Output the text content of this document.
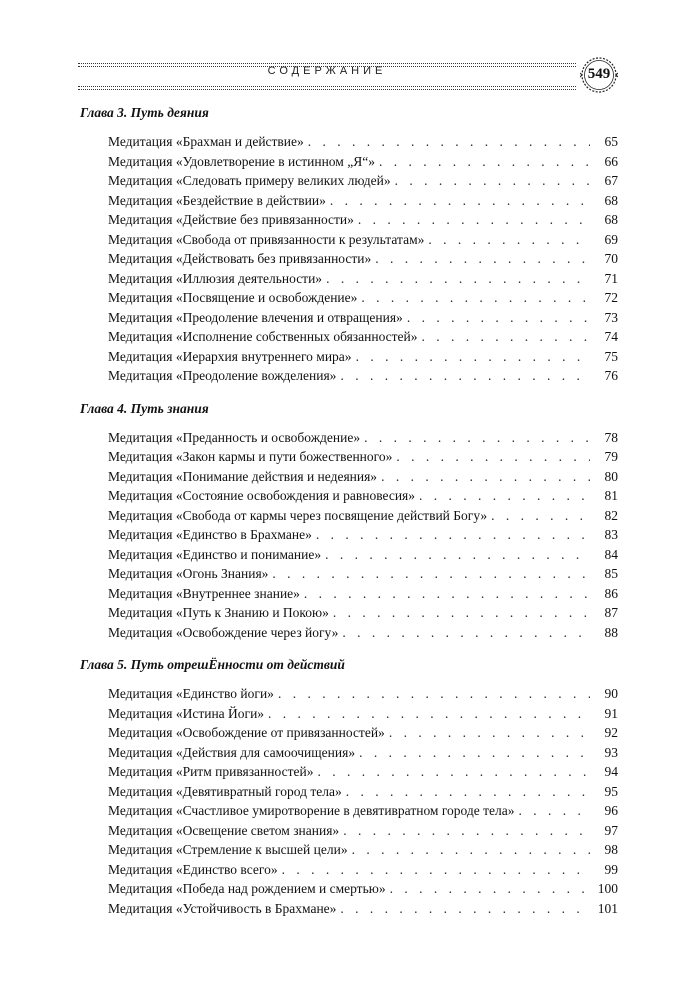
СОДЕРЖАНИЕ	549
Глава 3. Путь деяния
Медитация «Брахман и действие» . . .	65
Медитация «Удовлетворение в истинном „Я“» . . .	66
Медитация «Следовать примеру великих людей» . . .	67
Медитация «Бездействие в действии» . . .	68
Медитация «Действие без привязанности» . . .	68
Медитация «Свобода от привязанности к результатам» . . .	69
Медитация «Действовать без привязанности» . . .	70
Медитация «Иллюзия деятельности» . . .	71
Медитация «Посвящение и освобождение» . . .	72
Медитация «Преодоление влечения и отвращения» . . .	73
Медитация «Исполнение собственных обязанностей» . . .	74
Медитация «Иерархия внутреннего мира» . . .	75
Медитация «Преодоление вожделения» . . .	76
Глава 4. Путь знания
Медитация «Преданность и освобождение» . . .	78
Медитация «Закон кармы и пути божественного» . . .	79
Медитация «Понимание действия и недеяния» . . .	80
Медитация «Состояние освобождения и равновесия» . . .	81
Медитация «Свобода от кармы через посвящение действий Богу» . . .	82
Медитация «Единство в Брахмане» . . .	83
Медитация «Единство и понимание» . . .	84
Медитация «Огонь Знания» . . .	85
Медитация «Внутреннее знание» . . .	86
Медитация «Путь к Знанию и Покою» . . .	87
Медитация «Освобождение через йогу» . . .	88
Глава 5. Путь отрешЁнности от действий
Медитация «Единство йоги» . . .	90
Медитация «Истина Йоги» . . .	91
Медитация «Освобождение от привязанностей» . . .	92
Медитация «Действия для самоочищения» . . .	93
Медитация «Ритм привязанностей» . . .	94
Медитация «Девятивратный город тела» . . .	95
Медитация «Счастливое умиротворение в девятивратном городе тела» . . .	96
Медитация «Освещение светом знания» . . .	97
Медитация «Стремление к высшей цели» . . .	98
Медитация «Единство всего» . . .	99
Медитация «Победа над рождением и смертью» . . .	100
Медитация «Устойчивость в Брахмане» . . .	101
